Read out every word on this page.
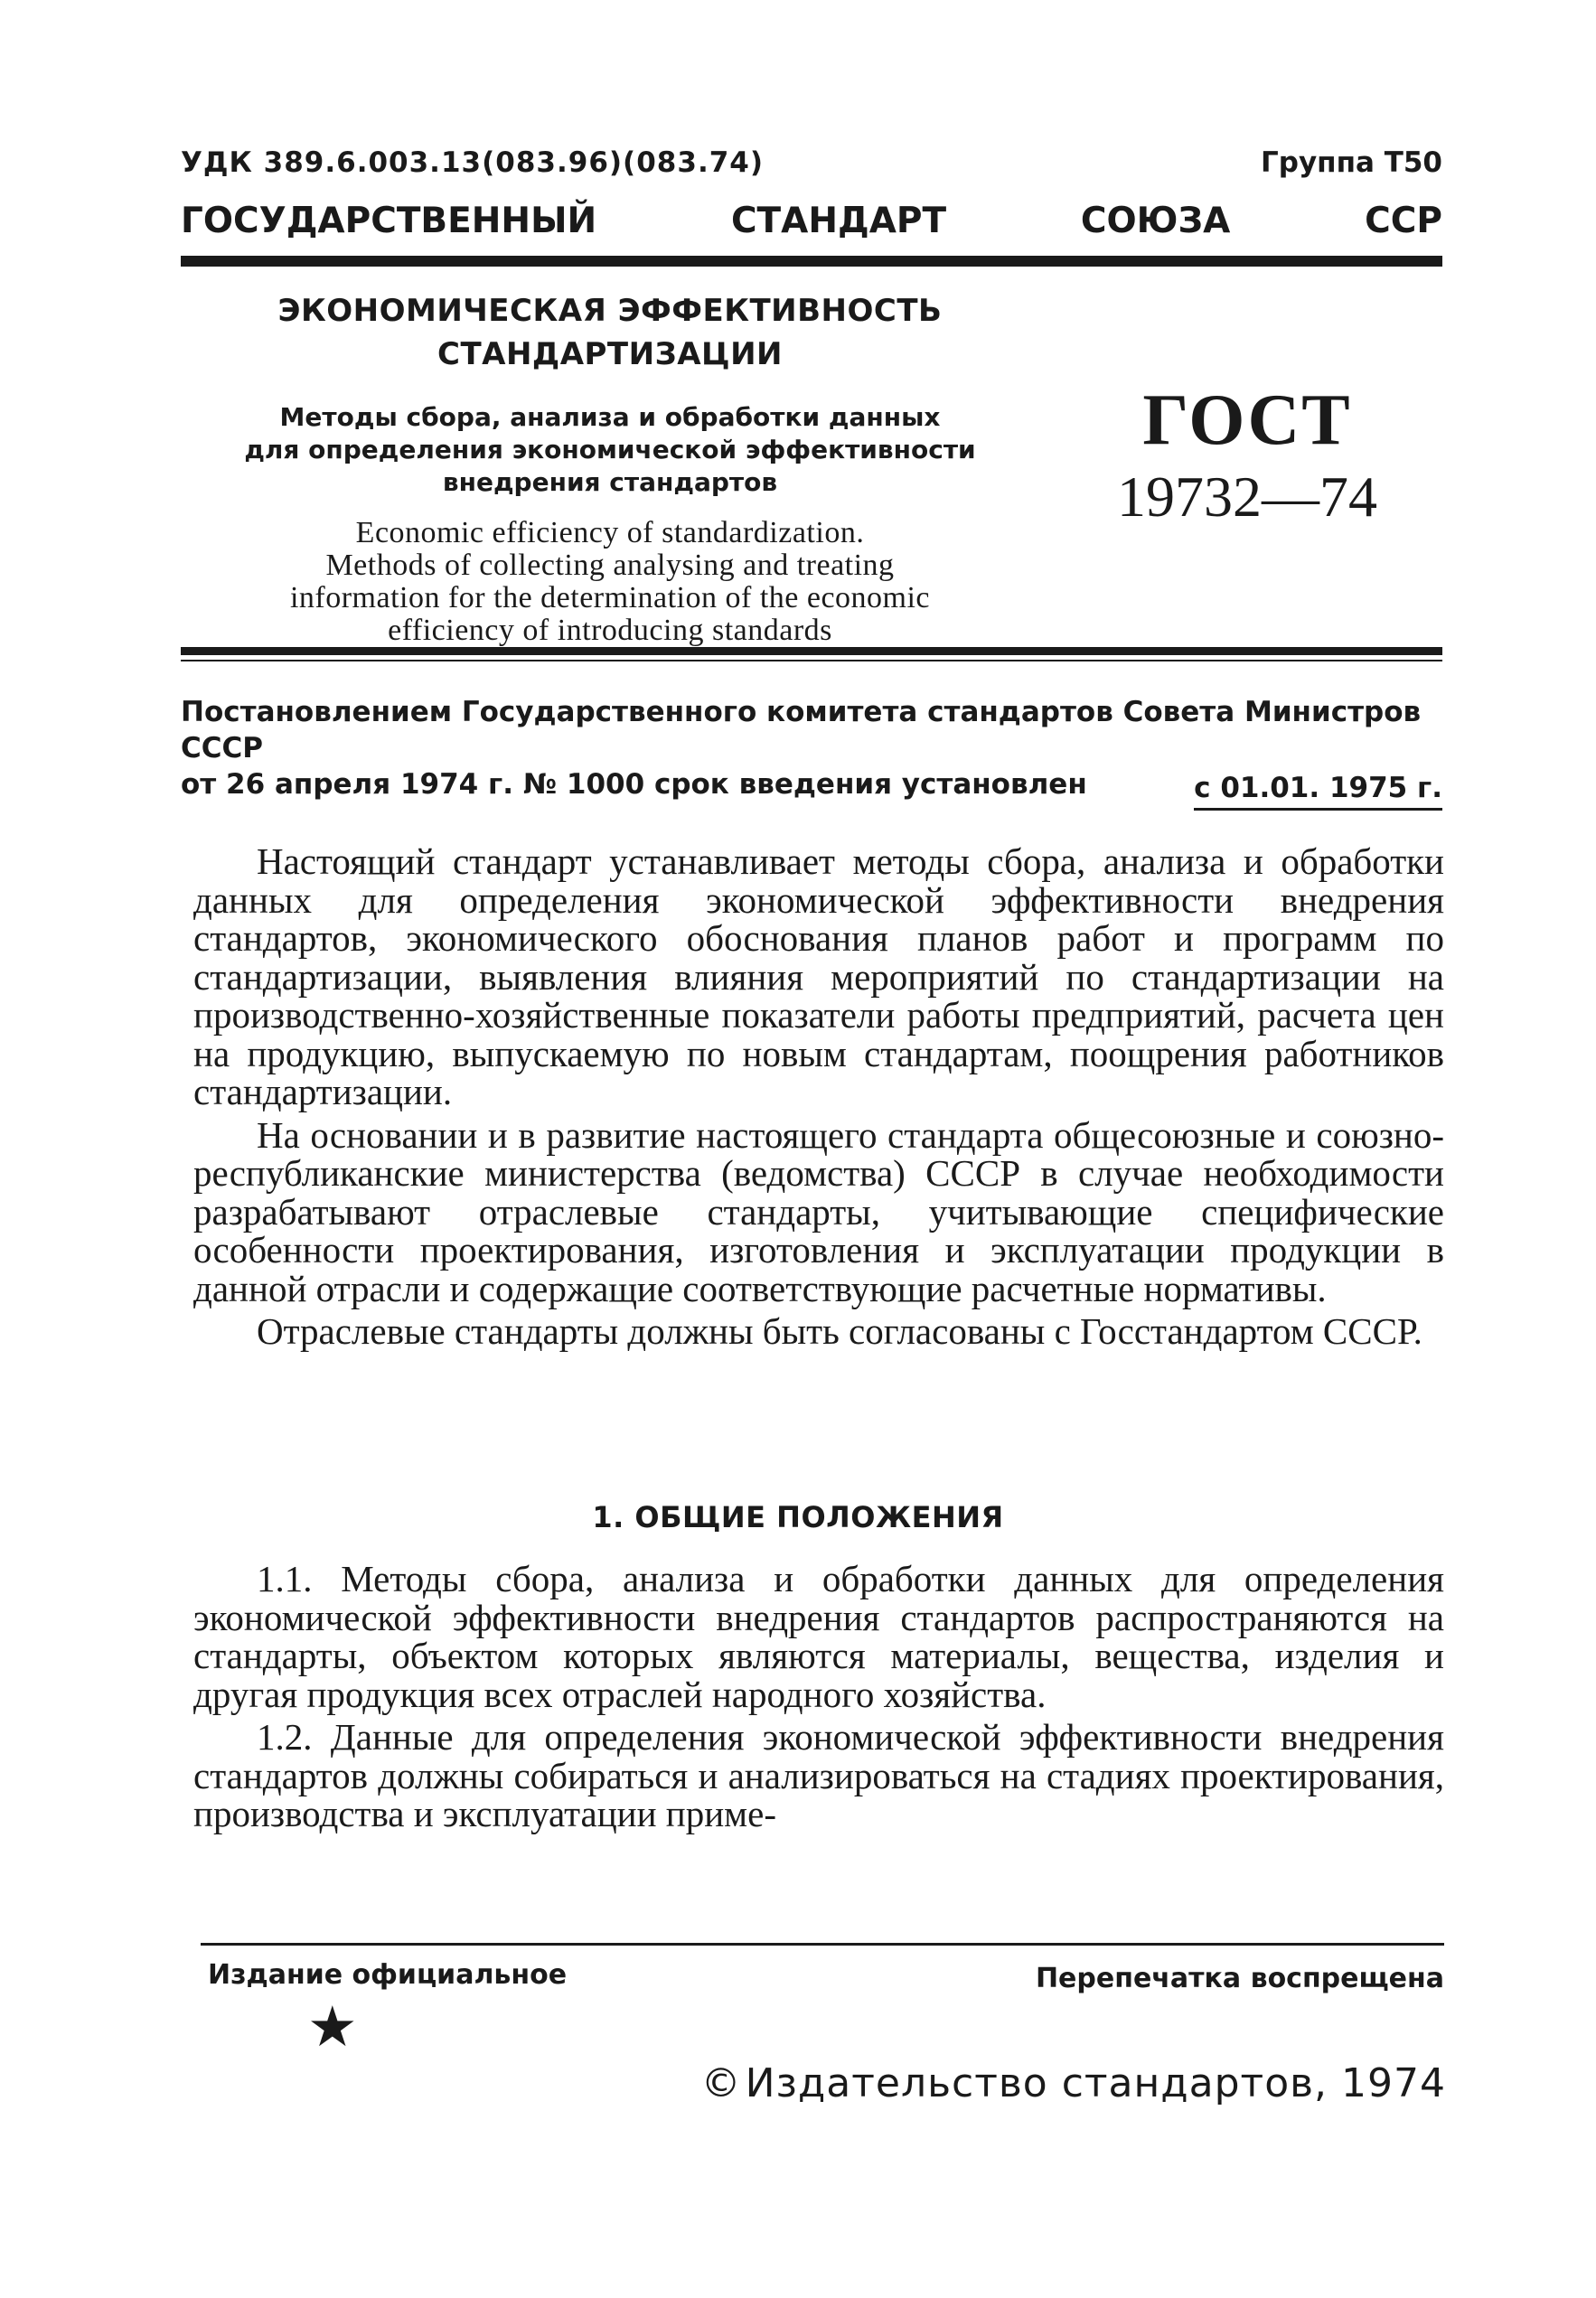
УДК 389.6.003.13(083.96)(083.74)	Группа Т50
ГОСУДАРСТВЕННЫЙ	СТАНДАРТ	СОЮЗА	ССР
ЭКОНОМИЧЕСКАЯ ЭФФЕКТИВНОСТЬ
СТАНДАРТИЗАЦИИ
Методы сбора, анализа и обработки данных
для определения экономической эффективности
внедрения стандартов
Economic efficiency of standardization.
Methods of collecting analysing and treating
information for the determination of the economic
efficiency of introducing standards
ГОСТ
19732—74
Постановлением Государственного комитета стандартов Совета Министров СССР
от 26 апреля 1974 г. № 1000 срок введения установлен	с 01.01. 1975 г.

Настоящий стандарт устанавливает методы сбора, анализа и обработки данных для определения экономической эффективности внедрения стандартов, экономического обоснования планов работ и программ по стандартизации, выявления влияния мероприятий по стандартизации на производственно-хозяйственные показатели работы предприятий, расчета цен на продукцию, выпускаемую по новым стандартам, поощрения работников стандартизации.

На основании и в развитие настоящего стандарта общесоюзные и союзно-республиканские министерства (ведомства) СССР в случае необходимости разрабатывают отраслевые стандарты, учитывающие специфические особенности проектирования, изготовления и эксплуатации продукции в данной отрасли и содержащие соответствующие расчетные нормативы.

Отраслевые стандарты должны быть согласованы с Госстандартом СССР.

1. ОБЩИЕ ПОЛОЖЕНИЯ

1.1. Методы сбора, анализа и обработки данных для определения экономической эффективности внедрения стандартов распространяются на стандарты, объектом которых являются материалы, вещества, изделия и другая продукция всех отраслей народного хозяйства.

1.2. Данные для определения экономической эффективности внедрения стандартов должны собираться и анализироваться на стадиях проектирования, производства и эксплуатации приме-

Издание официальное	Перепечатка воспрещена
★
©Издательство стандартов, 1974
